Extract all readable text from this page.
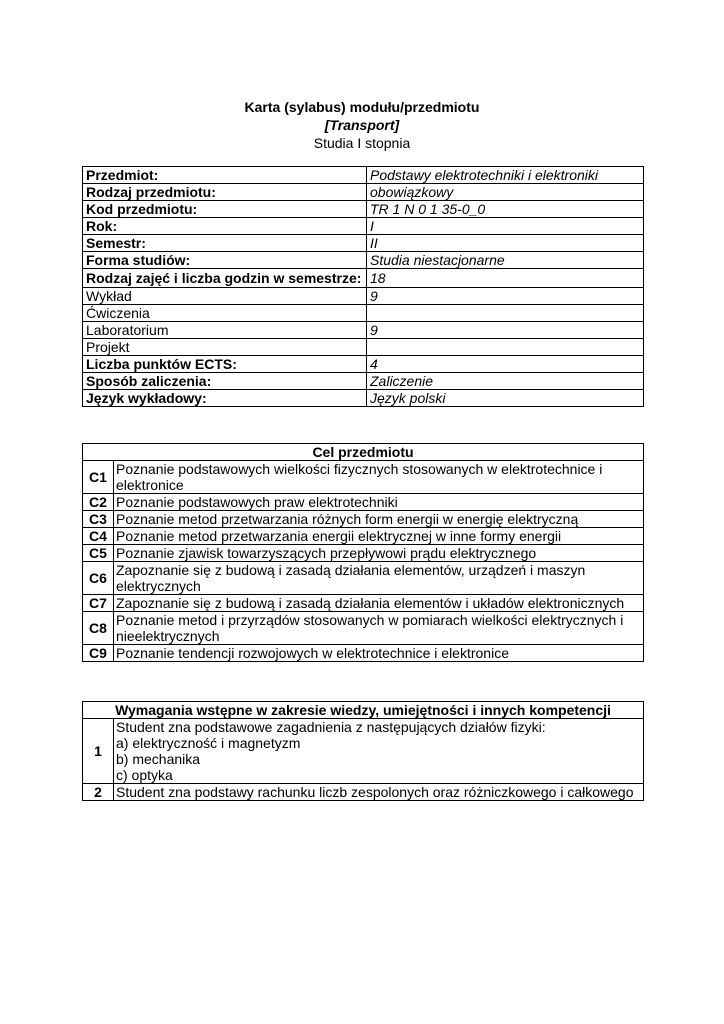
Karta (sylabus) modułu/przedmiotu
[Transport]
Studia I stopnia
Przedmiot:	Podstawy elektrotechniki i elektroniki
Rodzaj przedmiotu:	obowiązkowy
Kod przedmiotu:	TR 1 N 0 1 35-0_0
Rok:	I
Semestr:	II
Forma studiów:	Studia niestacjonarne
Rodzaj zajęć i liczba godzin w semestrze:	18
Wykład	9
Ćwiczenia	
Laboratorium	9
Projekt	
Liczba punktów ECTS:	4
Sposób zaliczenia:	Zaliczenie
Język wykładowy:	Język polski
Cel przedmiotu	
C1	Poznanie podstawowych wielkości fizycznych stosowanych w elektrotechnice i elektronice
C2	Poznanie podstawowych praw elektrotechniki
C3	Poznanie metod przetwarzania różnych form energii w energię elektryczną
C4	Poznanie metod przetwarzania energii elektrycznej w inne formy energii
C5	Poznanie zjawisk towarzyszących przepływowi prądu elektrycznego
C6	Zapoznanie się z budową i zasadą działania elementów, urządzeń i maszyn elektrycznych
C7	Zapoznanie się z budową i zasadą działania elementów i układów elektronicznych
C8	Poznanie metod i przyrządów stosowanych w pomiarach wielkości elektrycznych i nieelektrycznych
C9	Poznanie tendencji rozwojowych w elektrotechnice i elektronice
Wymagania wstępne w zakresie wiedzy, umiejętności i innych kompetencji	
1	Student zna podstawowe zagadnienia z następujących działów fizyki:
a) elektryczność i magnetyzm
b) mechanika
c) optyka

2	Student zna podstawy rachunku liczb zespolonych oraz różniczkowego i całkowego
